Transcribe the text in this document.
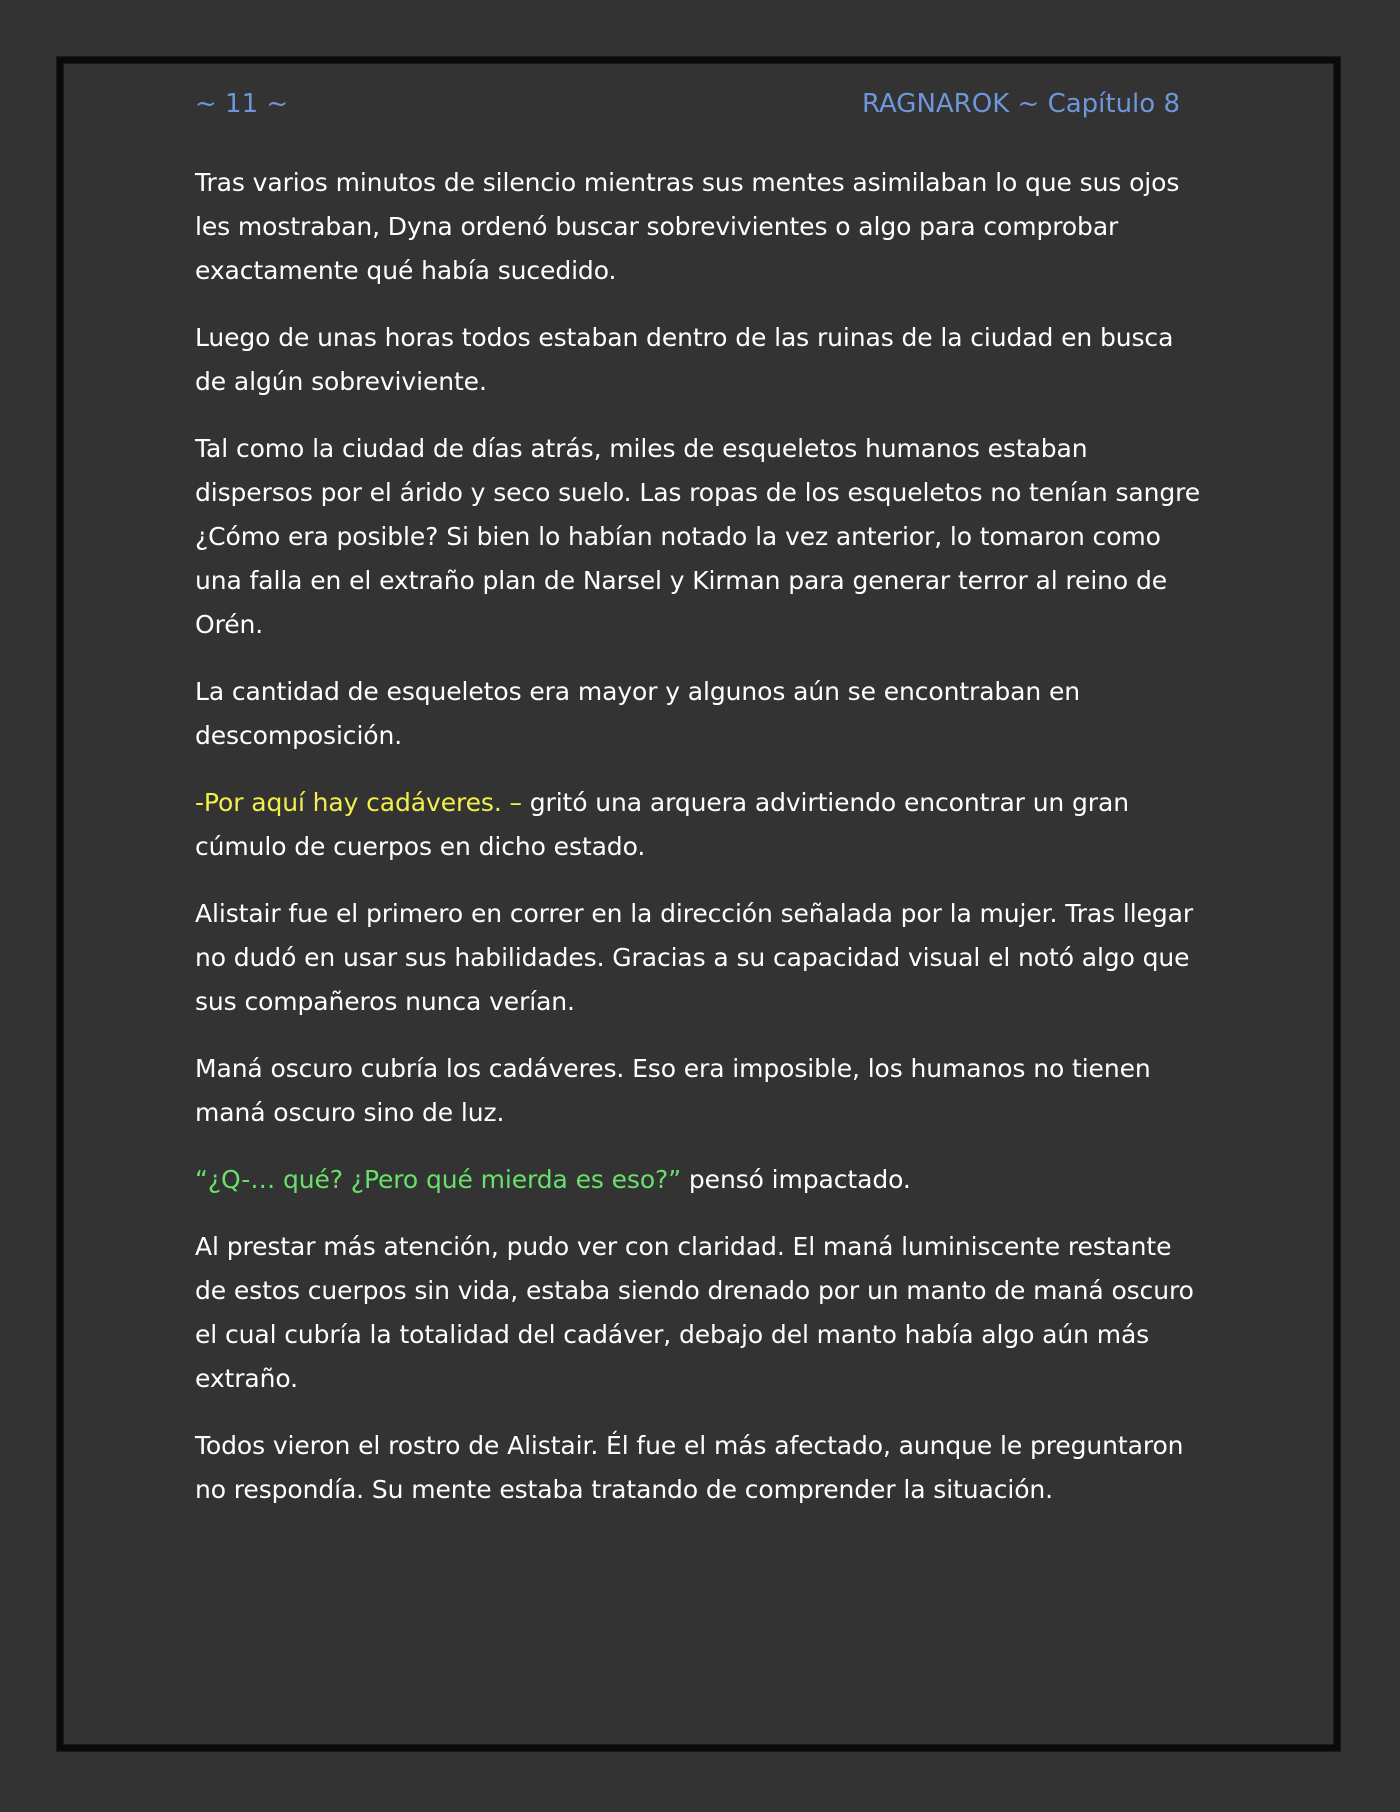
~ 11 ~	RAGNAROK ~ Capítulo 8

Tras varios minutos de silencio mientras sus mentes asimilaban lo que sus ojos les mostraban, Dyna ordenó buscar sobrevivientes o algo para comprobar exactamente qué había sucedido.

Luego de unas horas todos estaban dentro de las ruinas de la ciudad en busca de algún sobreviviente.

Tal como la ciudad de días atrás, miles de esqueletos humanos estaban dispersos por el árido y seco suelo. Las ropas de los esqueletos no tenían sangre ¿Cómo era posible? Si bien lo habían notado la vez anterior, lo tomaron como una falla en el extraño plan de Narsel y Kirman para generar terror al reino de Orén.

La cantidad de esqueletos era mayor y algunos aún se encontraban en descomposición.

-Por aquí hay cadáveres. – gritó una arquera advirtiendo encontrar un gran cúmulo de cuerpos en dicho estado.

Alistair fue el primero en correr en la dirección señalada por la mujer. Tras llegar no dudó en usar sus habilidades. Gracias a su capacidad visual el notó algo que sus compañeros nunca verían.

Maná oscuro cubría los cadáveres. Eso era imposible, los humanos no tienen maná oscuro sino de luz.

“¿Q-… qué? ¿Pero qué mierda es eso?” pensó impactado.

Al prestar más atención, pudo ver con claridad. El maná luminiscente restante de estos cuerpos sin vida, estaba siendo drenado por un manto de maná oscuro el cual cubría la totalidad del cadáver, debajo del manto había algo aún más extraño.

Todos vieron el rostro de Alistair. Él fue el más afectado, aunque le preguntaron no respondía. Su mente estaba tratando de comprender la situación.
